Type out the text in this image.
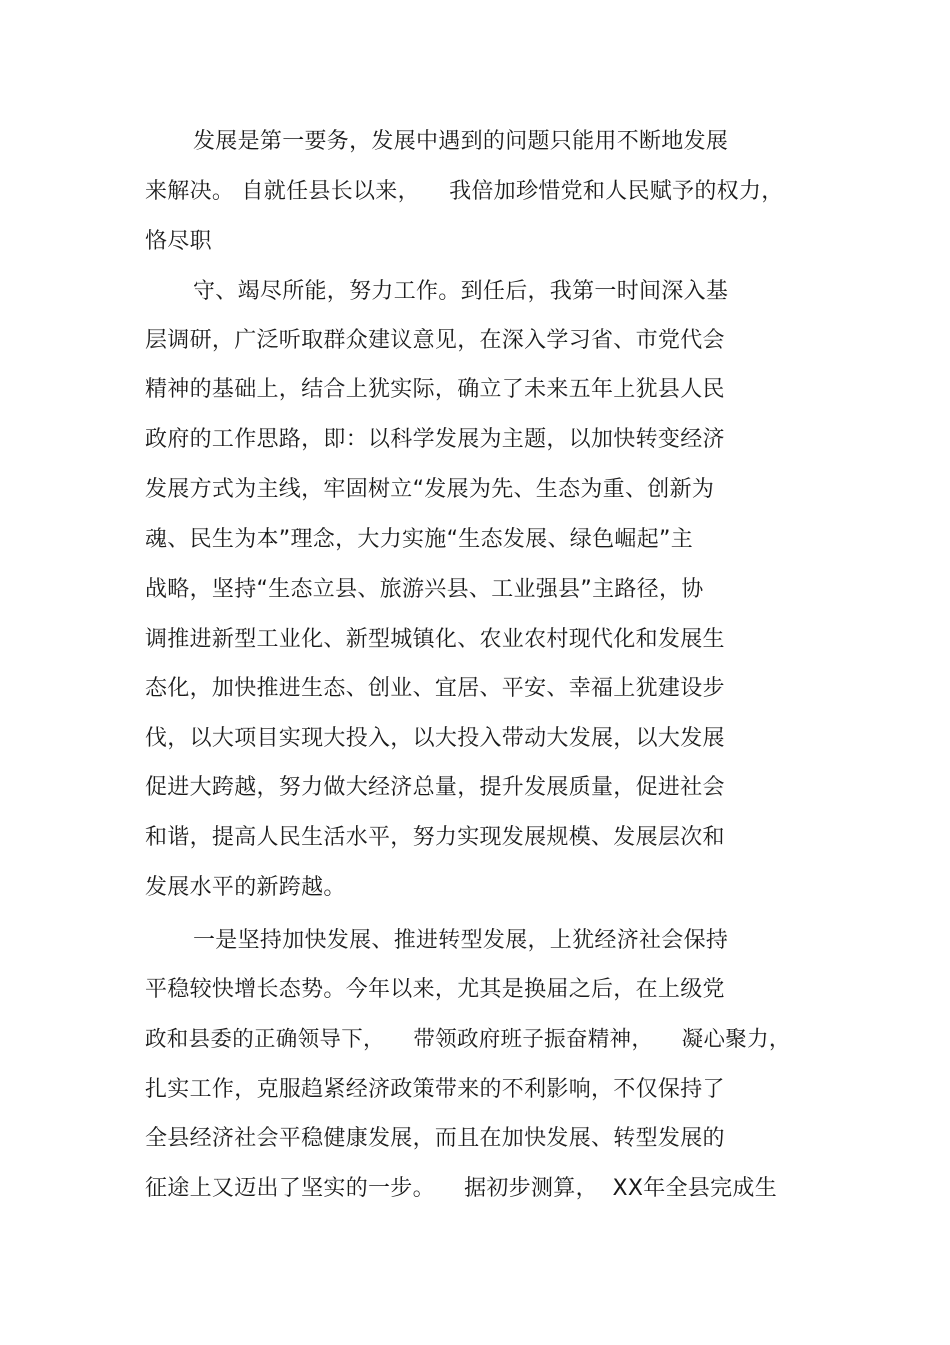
发展是第一要务，发展中遇到的问题只能用不断地发展

来解决。 自就任县长以来，    我倍加珍惜党和人民赋予的权力，

恪尽职

守、竭尽所能，努力工作。到任后，我第一时间深入基

层调研，广泛听取群众建议意见，在深入学习省、市党代会

精神的基础上，结合上犹实际，确立了未来五年上犹县人民

政府的工作思路，即：以科学发展为主题，以加快转变经济

发展方式为主线，牢固树立“发展为先、生态为重、创新为

魂、民生为本”理念，大力实施“生态发展、绿色崛起”主

战略，坚持“生态立县、旅游兴县、工业强县”主路径，协

调推进新型工业化、新型城镇化、农业农村现代化和发展生

态化，加快推进生态、创业、宜居、平安、幸福上犹建设步

伐，以大项目实现大投入，以大投入带动大发展，以大发展

促进大跨越，努力做大经济总量，提升发展质量，促进社会

和谐，提高人民生活水平，努力实现发展规模、发展层次和

发展水平的新跨越。

一是坚持加快发展、推进转型发展，上犹经济社会保持

平稳较快增长态势。今年以来，尤其是换届之后，在上级党

政和县委的正确领导下，    带领政府班子振奋精神，    凝心聚力，

扎实工作，克服趋紧经济政策带来的不利影响，不仅保持了

全县经济社会平稳健康发展，而且在加快发展、转型发展的

征途上又迈出了坚实的一步。    据初步测算，  XX年全县完成生
